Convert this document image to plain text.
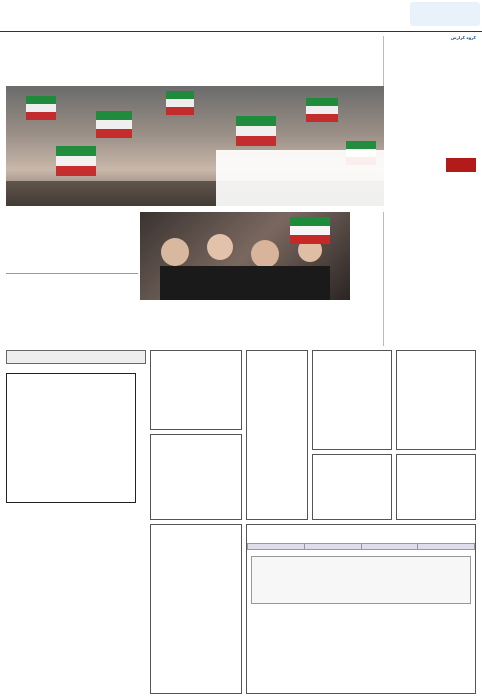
گروه گزارش
